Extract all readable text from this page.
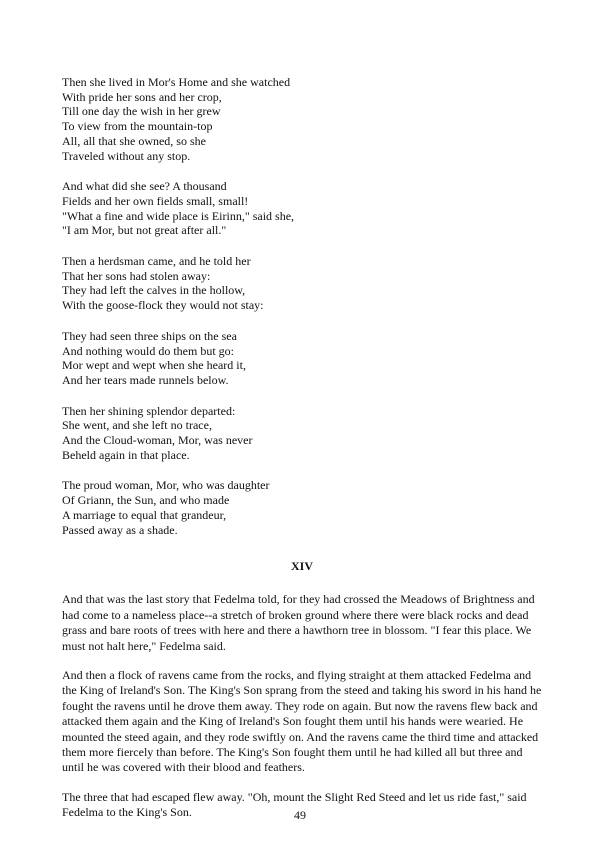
Then she lived in Mor's Home and she watched
With pride her sons and her crop,
Till one day the wish in her grew
To view from the mountain-top
All, all that she owned, so she
Traveled without any stop.
And what did she see? A thousand
Fields and her own fields small, small!
"What a fine and wide place is Eirinn," said she,
"I am Mor, but not great after all."
Then a herdsman came, and he told her
That her sons had stolen away:
They had left the calves in the hollow,
With the goose-flock they would not stay:
They had seen three ships on the sea
And nothing would do them but go:
Mor wept and wept when she heard it,
And her tears made runnels below.
Then her shining splendor departed:
She went, and she left no trace,
And the Cloud-woman, Mor, was never
Beheld again in that place.
The proud woman, Mor, who was daughter
Of Griann, the Sun, and who made
A marriage to equal that grandeur,
Passed away as a shade.
XIV

And that was the last story that Fedelma told, for they had crossed the Meadows of Brightness and had come to a nameless place--a stretch of broken ground where there were black rocks and dead grass and bare roots of trees with here and there a hawthorn tree in blossom. "I fear this place. We must not halt here," Fedelma said.

And then a flock of ravens came from the rocks, and flying straight at them attacked Fedelma and the King of Ireland's Son. The King's Son sprang from the steed and taking his sword in his hand he fought the ravens until he drove them away. They rode on again. But now the ravens flew back and attacked them again and the King of Ireland's Son fought them until his hands were wearied. He mounted the steed again, and they rode swiftly on. And the ravens came the third time and attacked them more fiercely than before. The King's Son fought them until he had killed all but three and until he was covered with their blood and feathers.

The three that had escaped flew away. "Oh, mount the Slight Red Steed and let us ride fast," said Fedelma to the King's Son.	49
